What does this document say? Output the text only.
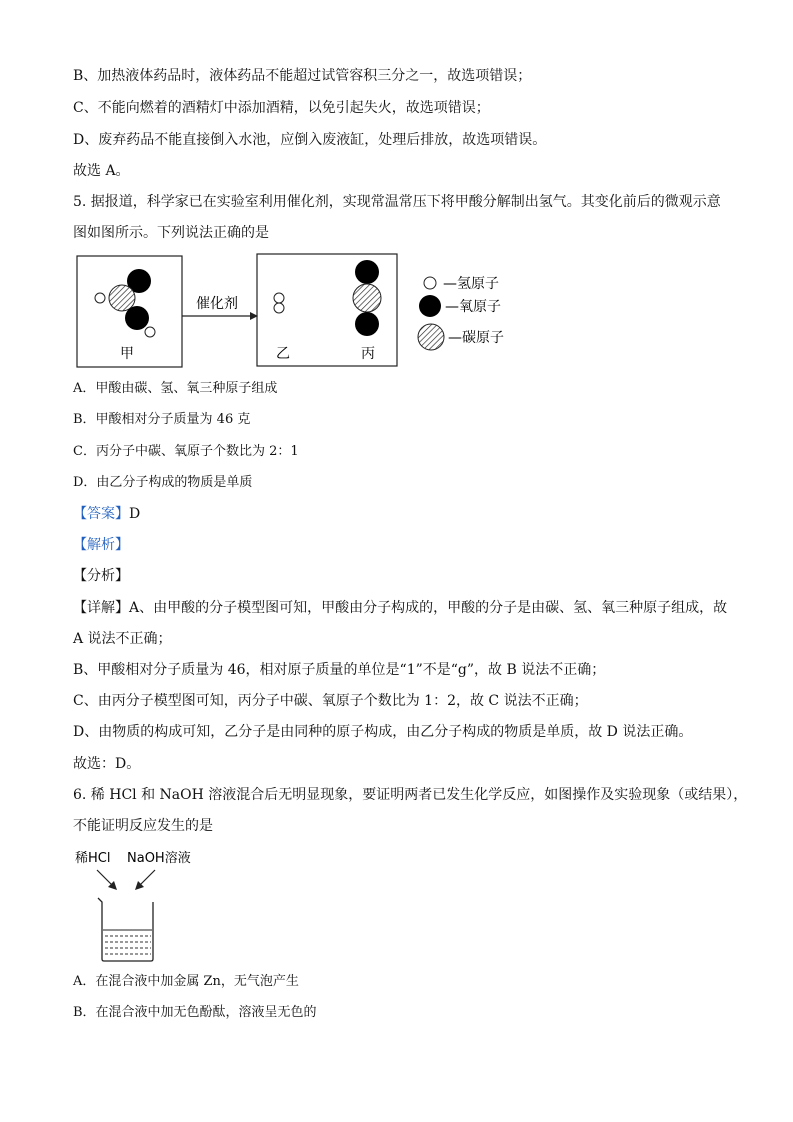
B、加热液体药品时，液体药品不能超过试管容积三分之一，故选项错误；
C、不能向燃着的酒精灯中添加酒精，以免引起失火，故选项错误；
D、废弃药品不能直接倒入水池，应倒入废液缸，处理后排放，故选项错误。
故选 A。
5. 据报道，科学家已在实验室利用催化剂，实现常温常压下将甲酸分解制出氢气。其变化前后的微观示意
图如图所示。下列说法正确的是
甲
催化剂
乙	丙
—氢原子
—氧原子
—碳原子
A．甲酸由碳、氢、氧三种原子组成
B．甲酸相对分子质量为 46 克
C．丙分子中碳、氧原子个数比为 2：1
D．由乙分子构成的物质是单质
【答案】D
【解析】
【分析】
【详解】A、由甲酸的分子模型图可知，甲酸由分子构成的，甲酸的分子是由碳、氢、氧三种原子组成，故
A 说法不正确；
B、甲酸相对分子质量为 46，相对原子质量的单位是“1”不是“g”，故 B 说法不正确；
C、由丙分子模型图可知，丙分子中碳、氧原子个数比为 1：2，故 C 说法不正确；
D、由物质的构成可知，乙分子是由同种的原子构成，由乙分子构成的物质是单质，故 D 说法正确。
故选：D。
6. 稀 HCl 和 NaOH 溶液混合后无明显现象，要证明两者已发生化学反应，如图操作及实验现象（或结果），
不能证明反应发生的是
稀HCl NaOH溶液
A．在混合液中加金属 Zn，无气泡产生
B．在混合液中加无色酚酞，溶液呈无色的
